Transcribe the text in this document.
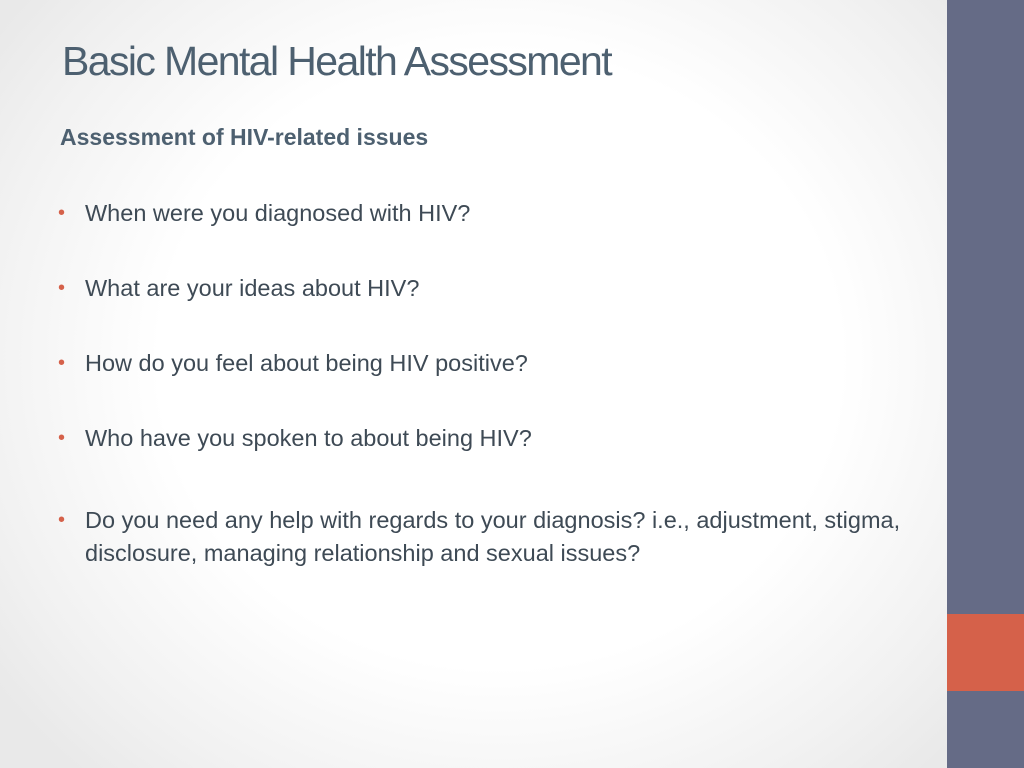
Basic Mental Health Assessment
Assessment of HIV-related issues
• When were you diagnosed with HIV?
• What are your ideas about HIV?
• How do you feel about being HIV positive?
• Who have you spoken to about being HIV?
• Do you need any help with regards to your diagnosis? i.e., adjustment, stigma, disclosure, managing relationship and sexual issues?
